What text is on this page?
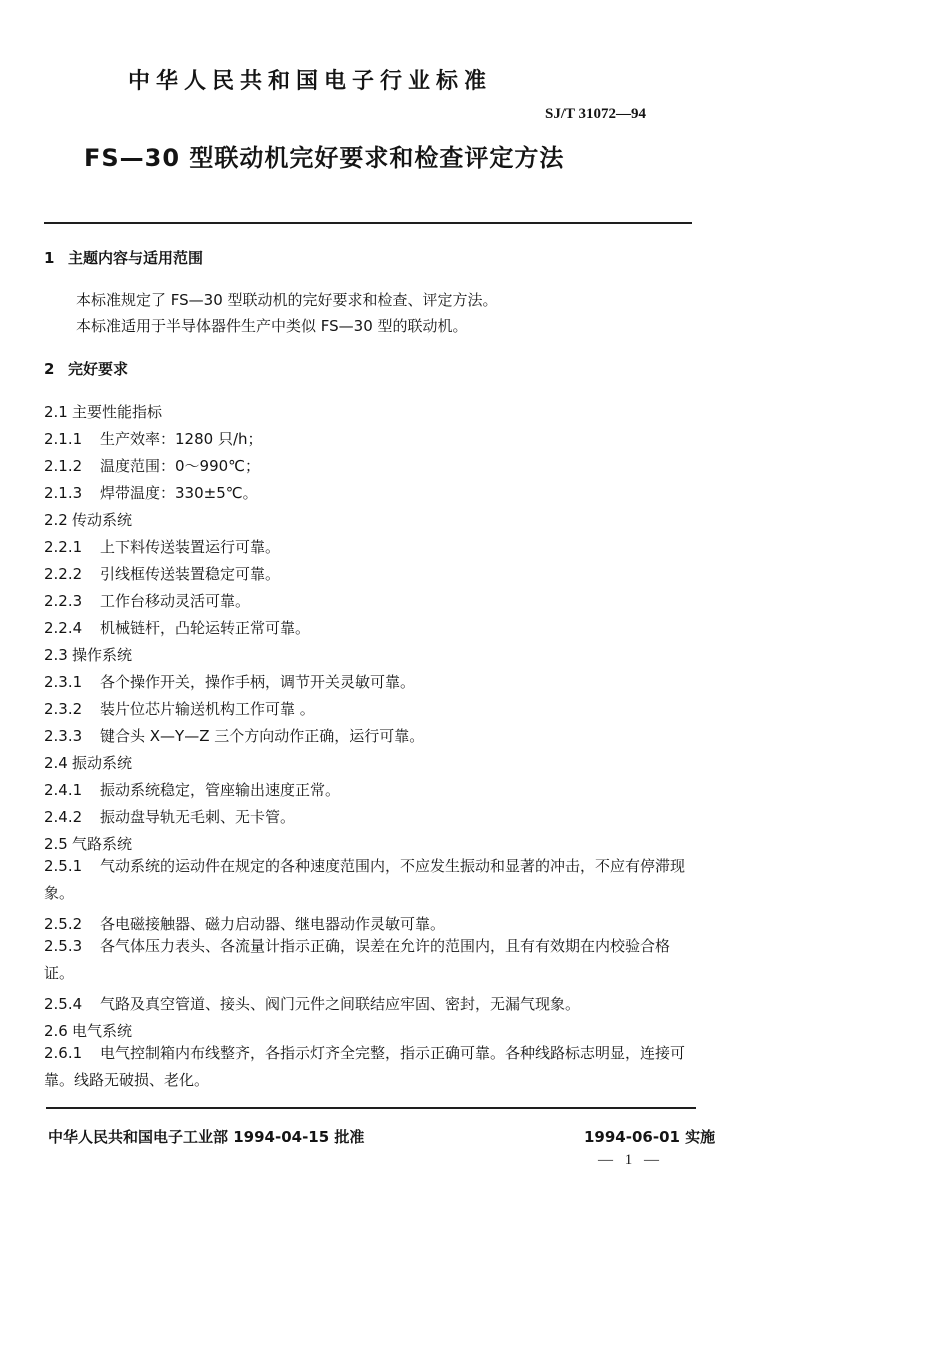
中华人民共和国电子行业标准
SJ/T 31072—94
FS—30 型联动机完好要求和检查评定方法
1 主题内容与适用范围
本标准规定了 FS—30 型联动机的完好要求和检查、评定方法。
本标准适用于半导体器件生产中类似 FS—30 型的联动机。
2 完好要求
2.1 主要性能指标
2.1.1 生产效率：1280 只/h；
2.1.2 温度范围：0～990℃；
2.1.3 焊带温度：330±5℃。
2.2 传动系统
2.2.1 上下料传送装置运行可靠。
2.2.2 引线框传送装置稳定可靠。
2.2.3 工作台移动灵活可靠。
2.2.4 机械链杆，凸轮运转正常可靠。
2.3 操作系统
2.3.1 各个操作开关，操作手柄，调节开关灵敏可靠。
2.3.2 装片位芯片输送机构工作可靠 。
2.3.3 键合头 X—Y—Z 三个方向动作正确，运行可靠。
2.4 振动系统
2.4.1 振动系统稳定，管座输出速度正常。
2.4.2 振动盘导轨无毛刺、无卡管。
2.5 气路系统
2.5.1 气动系统的运动件在规定的各种速度范围内，不应发生振动和显著的冲击，不应有停滞现象。
2.5.2 各电磁接触器、磁力启动器、继电器动作灵敏可靠。
2.5.3 各气体压力表头、各流量计指示正确，误差在允许的范围内，且有有效期在内校验合格证。
2.5.4 气路及真空管道、接头、阀门元件之间联结应牢固、密封，无漏气现象。
2.6 电气系统
2.6.1 电气控制箱内布线整齐，各指示灯齐全完整，指示正确可靠。各种线路标志明显，连接可靠。线路无破损、老化。
中华人民共和国电子工业部 1994-04-15 批准	1994-06-01 实施
— 1 —
